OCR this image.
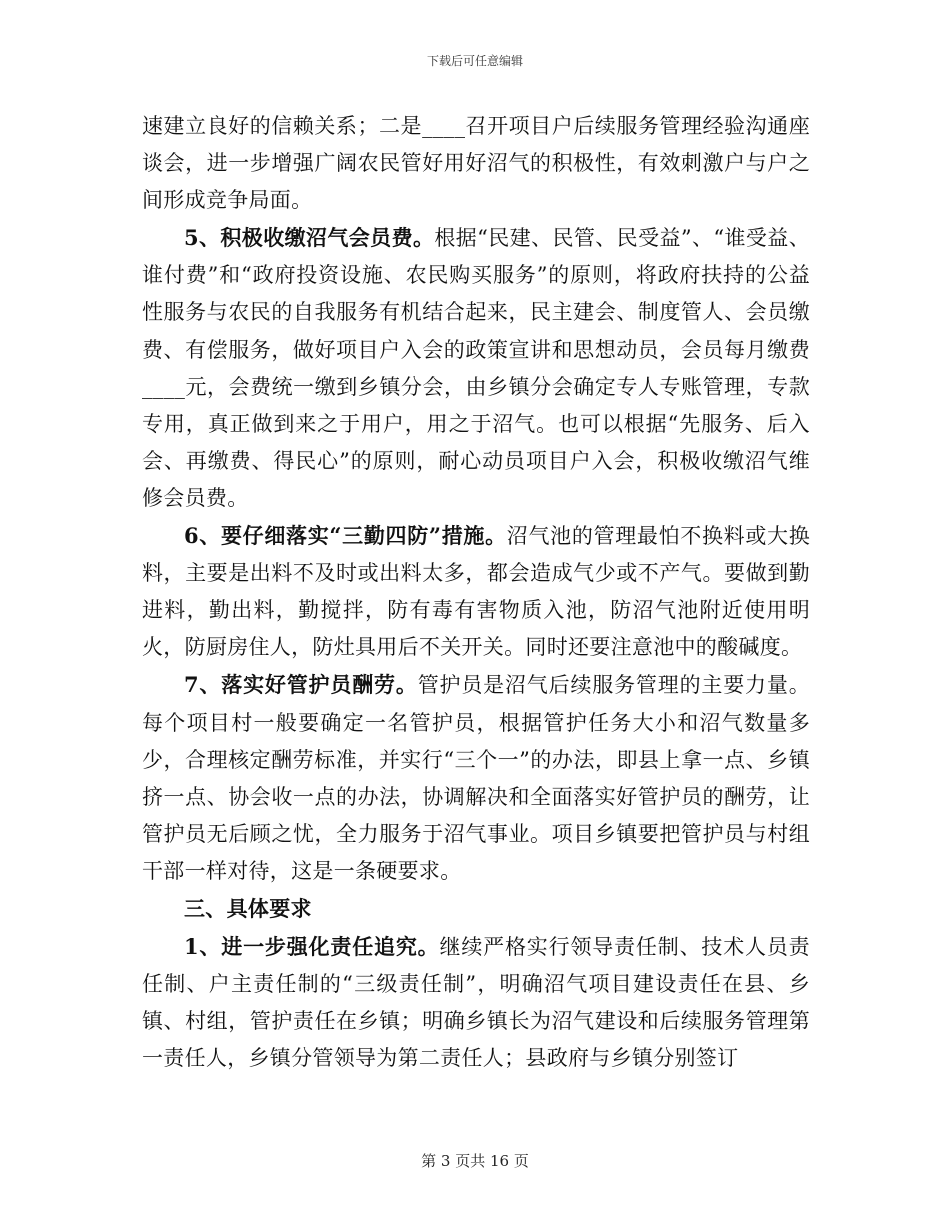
下载后可任意编辑

速建立良好的信赖关系；二是____召开项目户后续服务管理经验沟通座谈会，进一步增强广阔农民管好用好沼气的积极性，有效刺激户与户之间形成竞争局面。

5、积极收缴沼气会员费。根据“民建、民管、民受益”、“谁受益、谁付费”和“政府投资设施、农民购买服务”的原则，将政府扶持的公益性服务与农民的自我服务有机结合起来，民主建会、制度管人、会员缴费、有偿服务，做好项目户入会的政策宣讲和思想动员，会员每月缴费____元，会费统一缴到乡镇分会，由乡镇分会确定专人专账管理，专款专用，真正做到来之于用户，用之于沼气。也可以根据“先服务、后入会、再缴费、得民心”的原则，耐心动员项目户入会，积极收缴沼气维修会员费。

6、要仔细落实“三勤四防”措施。沼气池的管理最怕不换料或大换料，主要是出料不及时或出料太多，都会造成气少或不产气。要做到勤进料，勤出料，勤搅拌，防有毒有害物质入池，防沼气池附近使用明火，防厨房住人，防灶具用后不关开关。同时还要注意池中的酸碱度。

7、落实好管护员酬劳。管护员是沼气后续服务管理的主要力量。每个项目村一般要确定一名管护员，根据管护任务大小和沼气数量多少，合理核定酬劳标准，并实行“三个一”的办法，即县上拿一点、乡镇挤一点、协会收一点的办法，协调解决和全面落实好管护员的酬劳，让管护员无后顾之忧，全力服务于沼气事业。项目乡镇要把管护员与村组干部一样对待，这是一条硬要求。

三、具体要求

1、进一步强化责任追究。继续严格实行领导责任制、技术人员责任制、户主责任制的“三级责任制”，明确沼气项目建设责任在县、乡镇、村组，管护责任在乡镇；明确乡镇长为沼气建设和后续服务管理第一责任人，乡镇分管领导为第二责任人；县政府与乡镇分别签订

第 3 页共 16 页
